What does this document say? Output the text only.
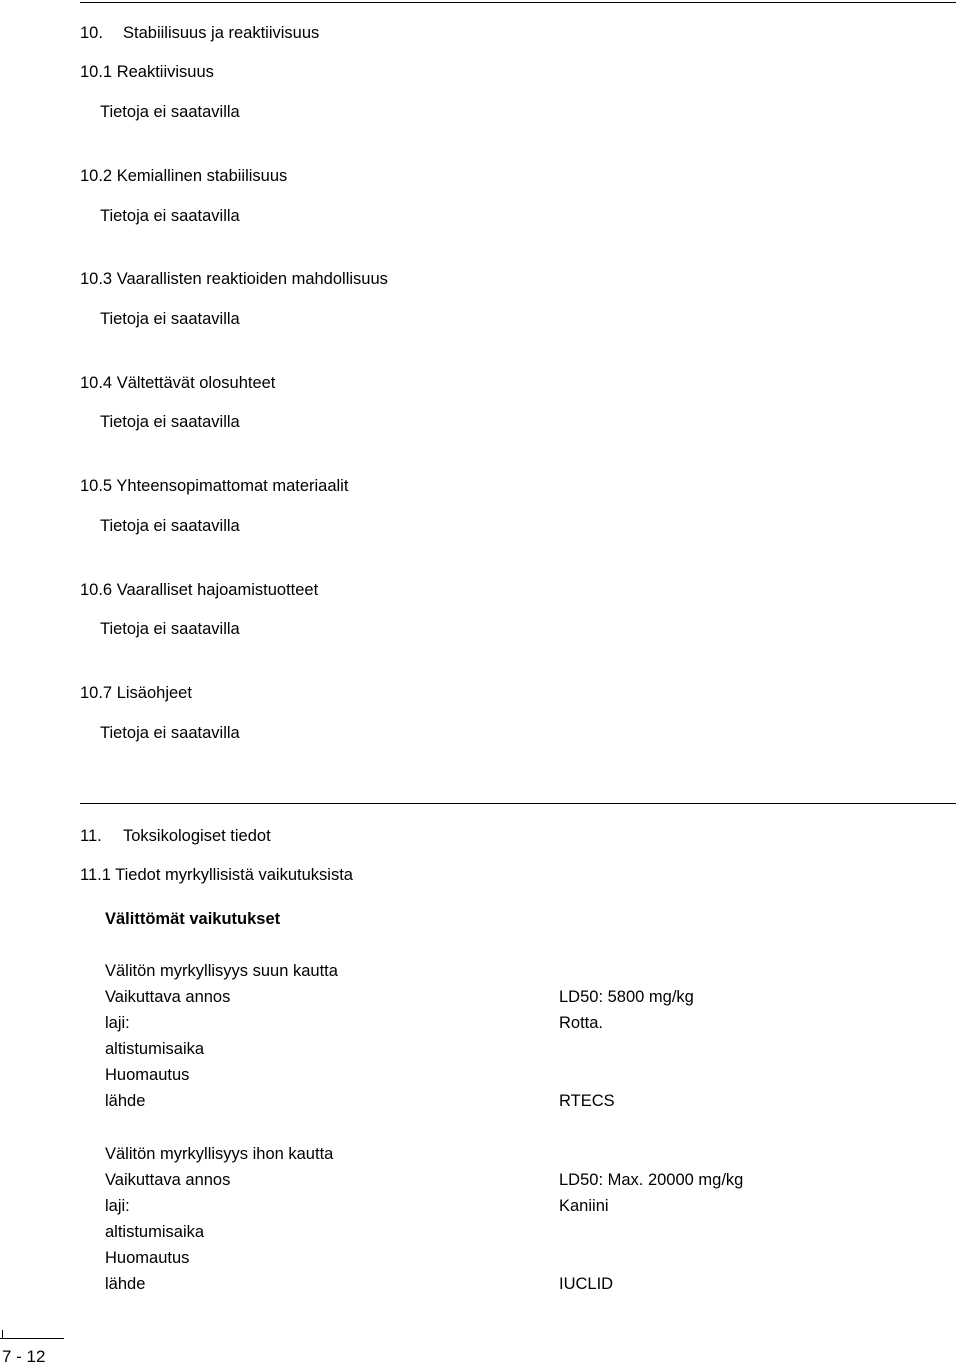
10. Stabiilisuus ja reaktiivisuus
10.1 Reaktiivisuus
Tietoja ei saatavilla
10.2 Kemiallinen stabiilisuus
Tietoja ei saatavilla
10.3 Vaarallisten reaktioiden mahdollisuus
Tietoja ei saatavilla
10.4 Vältettävät olosuhteet
Tietoja ei saatavilla
10.5 Yhteensopimattomat materiaalit
Tietoja ei saatavilla
10.6 Vaaralliset hajoamistuotteet
Tietoja ei saatavilla
10.7 Lisäohjeet
Tietoja ei saatavilla
11. Toksikologiset tiedot
11.1 Tiedot myrkyllisistä vaikutuksista
Välittömät vaikutukset
Välitön myrkyllisyys suun kautta
Vaikuttava annos	LD50: 5800 mg/kg
laji:	Rotta.
altistumisaika
Huomautus
lähde	RTECS
Välitön myrkyllisyys ihon kautta
Vaikuttava annos	LD50: Max. 20000 mg/kg
laji:	Kaniini
altistumisaika
Huomautus
lähde	IUCLID
7 - 12
